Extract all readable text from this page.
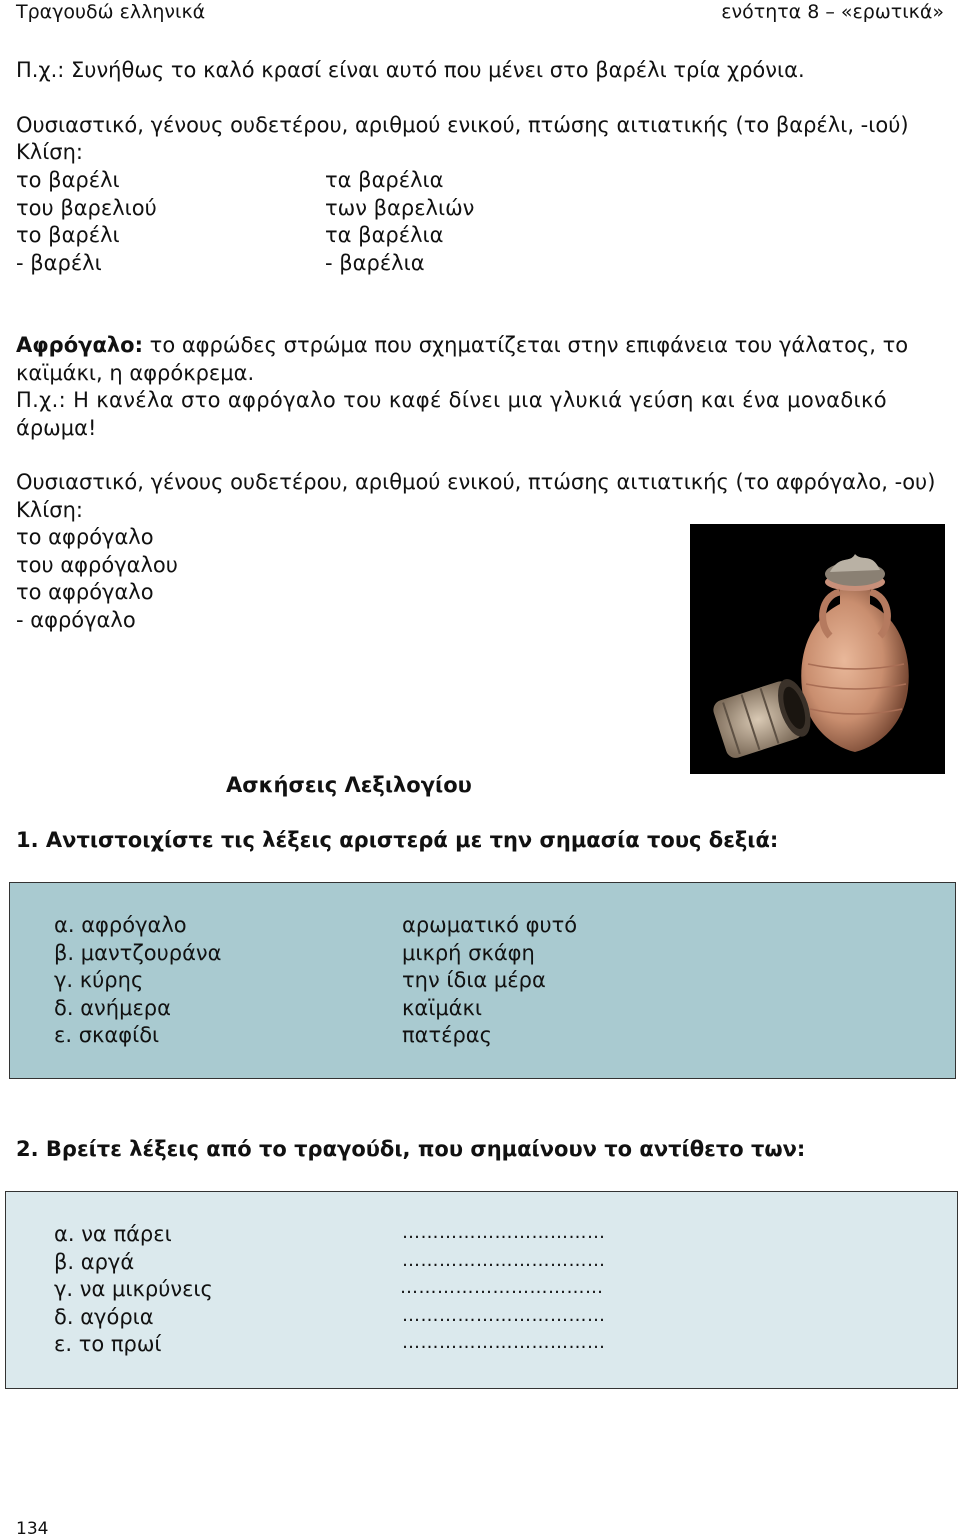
Τραγουδώ ελληνικά	ενότητα 8 – «ερωτικά»
Π.χ.: Συνήθως το καλό κρασί είναι αυτό που μένει στο βαρέλι τρία χρόνια.
Ουσιαστικό, γένους ουδετέρου, αριθμού ενικού, πτώσης αιτιατικής (το βαρέλι, -ιού)
Κλίση:
το βαρέλι
του βαρελιού
το βαρέλι
- βαρέλι
τα βαρέλια
των βαρελιών
τα βαρέλια
- βαρέλια
Αφρόγαλο: το αφρώδες στρώμα που σχηματίζεται στην επιφάνεια του γάλατος, το
καϊμάκι, η αφρόκρεμα.
Π.χ.: Η κανέλα στο αφρόγαλο του καφέ δίνει μια γλυκιά γεύση και ένα μοναδικό
άρωμα!
Ουσιαστικό, γένους ουδετέρου, αριθμού ενικού, πτώσης αιτιατικής (το αφρόγαλο, -ου)
Κλίση:
το αφρόγαλο
του αφρόγαλου
το αφρόγαλο
- αφρόγαλο
Ασκήσεις Λεξιλογίου
1. Αντιστοιχίστε τις λέξεις αριστερά με την σημασία τους δεξιά:
α. αφρόγαλο
β. μαντζουράνα
γ. κύρης
δ. ανήμερα
ε. σκαφίδι
αρωματικό φυτό
μικρή σκάφη
την ίδια μέρα
καϊμάκι
πατέρας
2. Βρείτε λέξεις από το τραγούδι, που σημαίνουν το αντίθετο των:
α. να πάρει
β. αργά
γ. να μικρύνεις
δ. αγόρια
ε. το πρωί
……………………………
……………………………
……………………………
……………………………
……………………………
134
